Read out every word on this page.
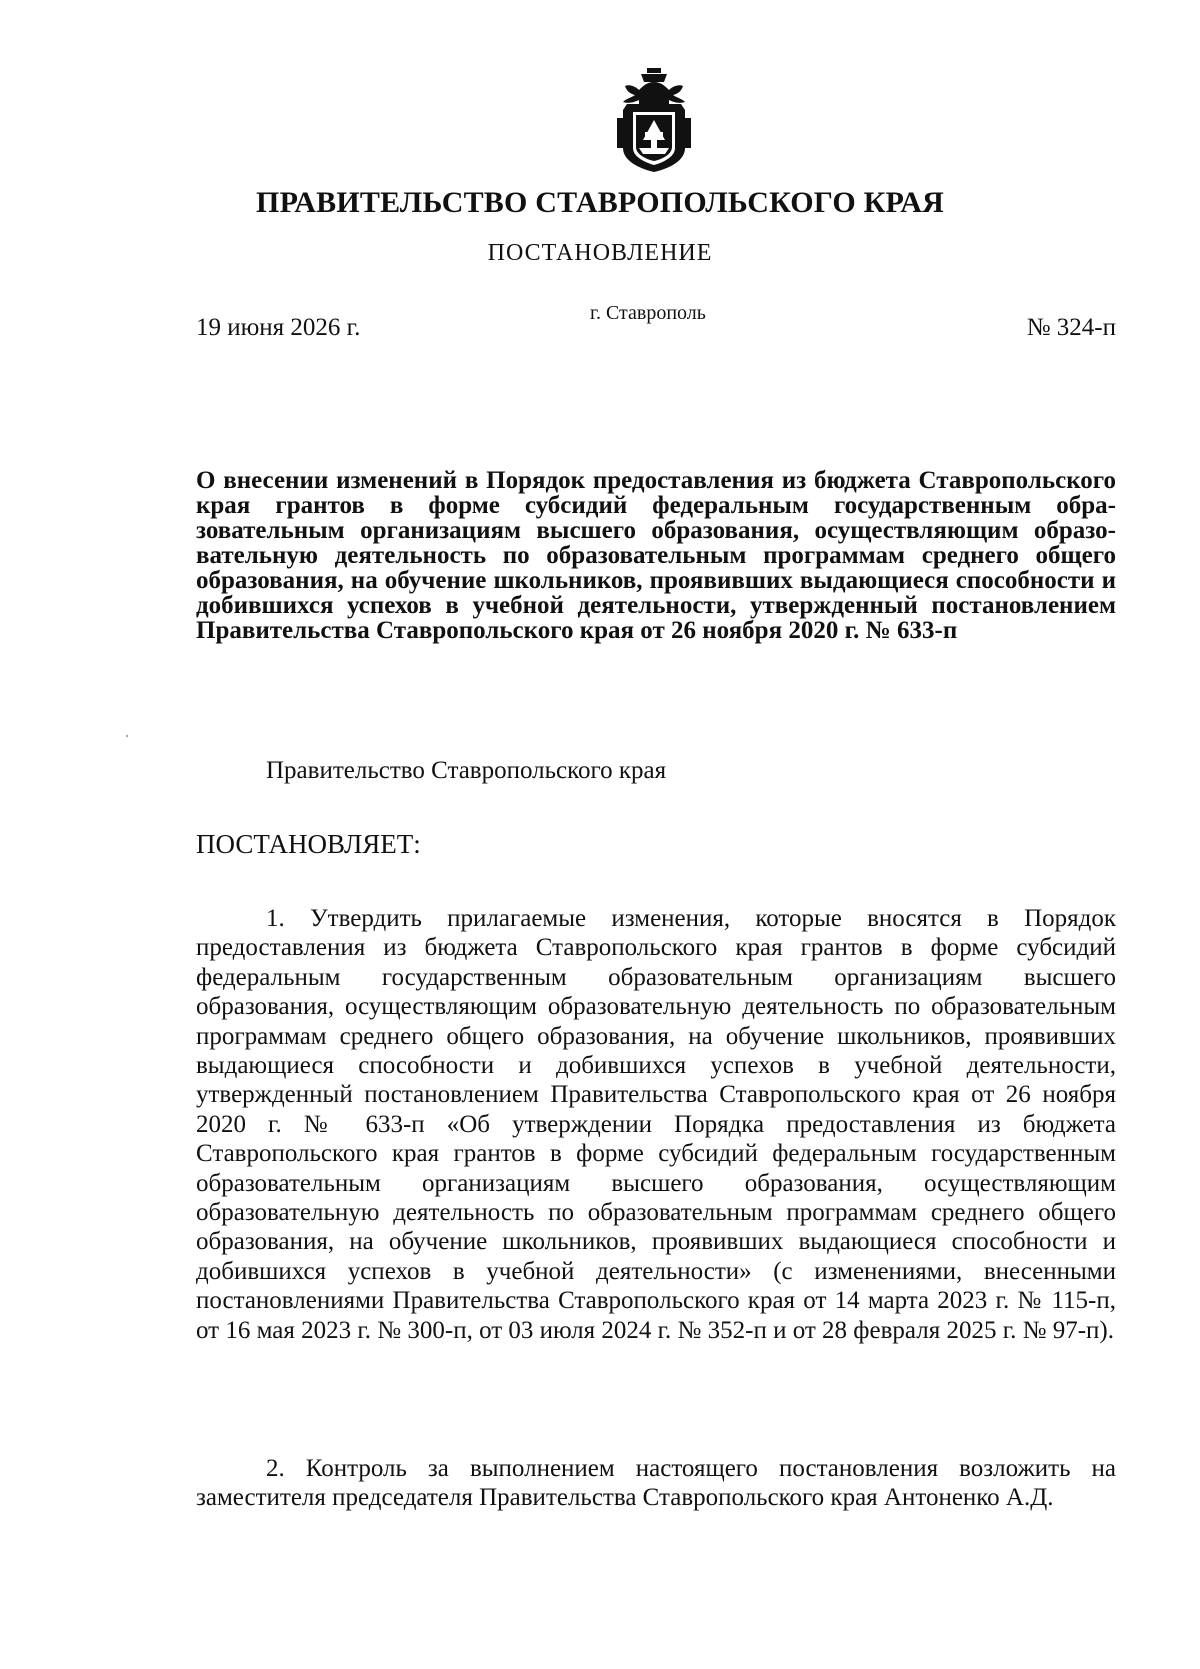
ПРАВИТЕЛЬСТВО СТАВРОПОЛЬСКОГО КРАЯ
ПОСТАНОВЛЕНИЕ
19 июня 2026 г.
г. Ставрополь
№ 324-п
О внесении изменений в Порядок предоставления из бюджета Ставропольского края грантов в форме субсидий федеральным государственным образовательным организациям высшего образования, осуществляющим образовательную деятельность по образовательным программам среднего общего образования, на обучение школьников, проявивших выдающиеся способности и добившихся успехов в учебной деятельности, утвержденный постановлением Правительства Ставропольского края от 26 ноября 2020 г. № 633-п
Правительство Ставропольского края
ПОСТАНОВЛЯЕТ:

1. Утвердить прилагаемые изменения, которые вносятся в Порядок предоставления из бюджета Ставропольского края грантов в форме субсидий федеральным государственным образовательным организациям высшего образования, осуществляющим образовательную деятельность по образовательным программам среднего общего образования, на обучение школьников, проявивших выдающиеся способности и добившихся успехов в учебной деятельности, утвержденный постановлением Правительства Ставропольского края от 26 ноября 2020 г. № 633-п «Об утверждении Порядка предоставления из бюджета Ставропольского края грантов в форме субсидий федеральным государственным образовательным организациям высшего образования, осуществляющим образовательную деятельность по образовательным программам среднего общего образования, на обучение школьников, проявивших выдающиеся способности и добившихся успехов в учебной деятельности» (с изменениями, внесенными постановлениями Правительства Ставропольского края от 14 марта 2023 г. № 115-п, от 16 мая 2023 г. № 300-п, от 03 июля 2024 г. № 352-п и от 28 февраля 2025 г. № 97-п).

2. Контроль за выполнением настоящего постановления возложить на заместителя председателя Правительства Ставропольского края Антоненко А.Д.
